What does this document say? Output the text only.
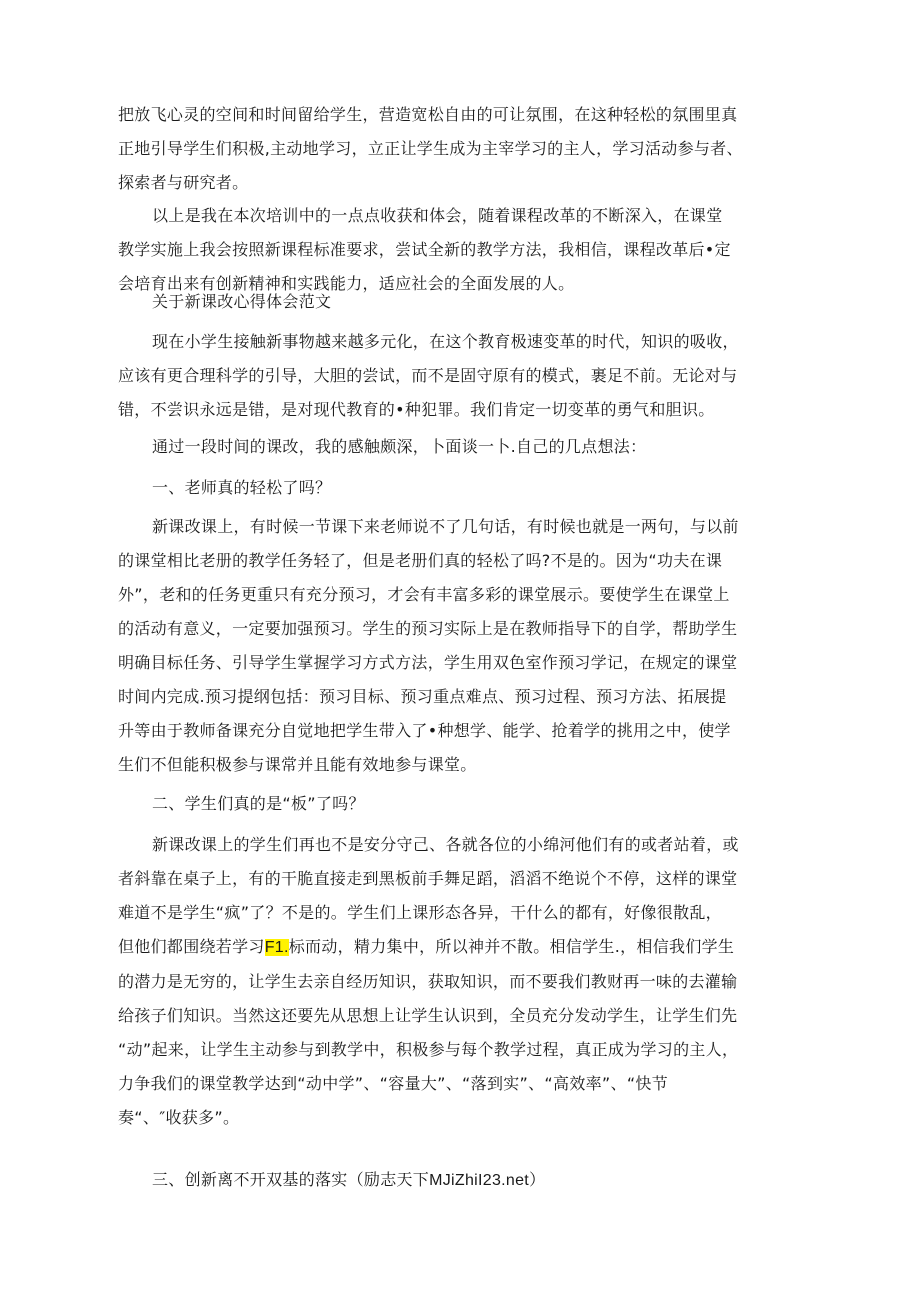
把放飞心灵的空间和时间留给学生，营造宽松自由的可让氛围，在这种轻松的氛围里真
正地引导学生们积极,主动地学习，立正让学生成为主宰学习的主人，学习活动参与者、
探索者与研究者。

以上是我在本次培训中的一点点收获和体会，随着课程改革的不断深入，在课堂
教学实施上我会按照新课程标准要求，尝试全新的教学方法，我相信，课程改革后•定
会培育出来有创新精神和实践能力，适应社会的全面发展的人。

关于新课改心得体会范文

现在小学生接触新事物越来越多元化，在这个教育极速变革的时代，知识的吸收，
应该有更合理科学的引导，大胆的尝试，而不是固守原有的模式，裹足不前。无论对与
错，不尝识永远是错，是对现代教育的•种犯罪。我们肯定一切变革的勇气和胆识。

通过一段时间的课改，我的感触颇深，卜面谈一卜.自己的几点想法：

一、老师真的轻松了吗？

新课改课上，有时候一节课下来老师说不了几句话，有时候也就是一两句，与以前
的课堂相比老册的教学任务轻了，但是老册们真的轻松了吗?不是的。因为“功夫在课
外”，老和的任务更重只有充分预习，才会有丰富多彩的课堂展示。要使学生在课堂上
的活动有意义，一定要加强预习。学生的预习实际上是在教师指导下的自学，帮助学生
明确目标任务、引导学生掌握学习方式方法，学生用双色室作预习学记，在规定的课堂
时间内完成.预习提纲包括：预习目标、预习重点难点、预习过程、预习方法、拓展提
升等由于教师备课充分自觉地把学生带入了•种想学、能学、抢着学的挑用之中，使学
生们不但能积极参与课常并且能有效地参与课堂。

二、学生们真的是“板”了吗？

新课改课上的学生们再也不是安分守己、各就各位的小绵河他们有的或者站着，或
者斜靠在桌子上，有的干脆直接走到黑板前手舞足蹈，滔滔不绝说个不停，这样的课堂
难道不是学生“疯”了？不是的。学生们上课形态各异，干什么的都有，好像很散乱，
但他们都围绕若学习F1.标而动，精力集中，所以神并不散。相信学生.，相信我们学生
的潜力是无穷的，让学生去亲自经历知识，获取知识，而不要我们教财再一味的去灌输
给孩子们知识。当然这还要先从思想上让学生认识到，全员充分发动学生，让学生们先
“动”起来，让学生主动参与到教学中，积极参与每个教学过程，真正成为学习的主人，
力争我们的课堂教学达到“动中学”、“容量大”、“落到实”、“高效率”、“快节
奏“、″收获多”。

三、创新离不开双基的落实（励志天下MJiZhiI23.net）
